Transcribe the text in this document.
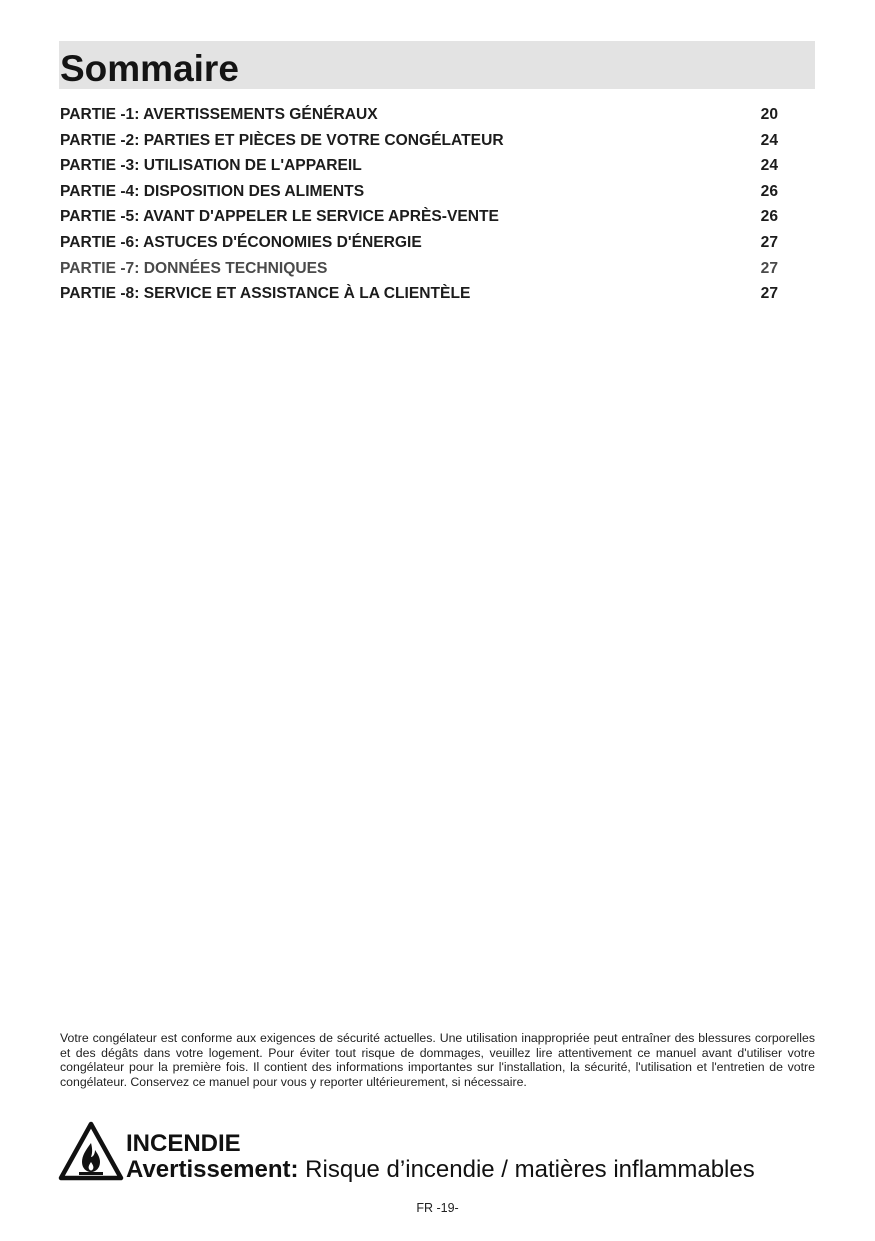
Sommaire
PARTIE -1: AVERTISSEMENTS GÉNÉRAUX	20
PARTIE -2: PARTIES ET PIÈCES DE VOTRE CONGÉLATEUR	24
PARTIE -3: UTILISATION DE L'APPAREIL	24
PARTIE -4: DISPOSITION DES ALIMENTS	26
PARTIE -5: AVANT D'APPELER LE SERVICE APRÈS-VENTE	26
PARTIE -6: ASTUCES D'ÉCONOMIES D'ÉNERGIE	27
PARTIE -7: DONNÉES TECHNIQUES	27
PARTIE -8: SERVICE ET ASSISTANCE À LA CLIENTÈLE	27

Votre congélateur est conforme aux exigences de sécurité actuelles. Une utilisation inappropriée peut entraîner des blessures corporelles et des dégâts dans votre logement. Pour éviter tout risque de dommages, veuillez lire attentivement ce manuel avant d'utiliser votre congélateur pour la première fois. Il contient des informations importantes sur l'installation, la sécurité, l'utilisation et l'entretien de votre congélateur. Conservez ce manuel pour vous y reporter ultérieurement, si nécessaire.

INCENDIE
Avertissement: Risque d’incendie / matières inflammables
FR -19-
